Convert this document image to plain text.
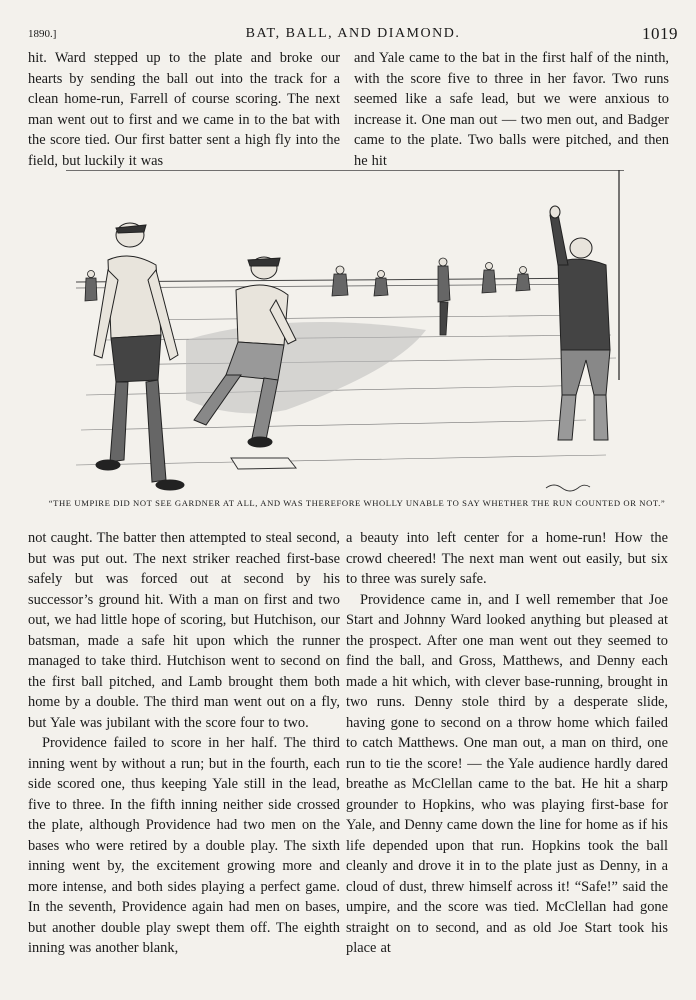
1890.]	BAT, BALL, AND DIAMOND.	1019

hit. Ward stepped up to the plate and broke our hearts by sending the ball out into the track for a clean home-run, Farrell of course scoring. The next man went out to first and we came in to the bat with the score tied. Our first batter sent a high fly into the field, but luckily it was

and Yale came to the bat in the first half of the ninth, with the score five to three in her favor. Two runs seemed like a safe lead, but we were anxious to increase it. One man out — two men out, and Badger came to the plate. Two balls were pitched, and then he hit

“THE UMPIRE DID NOT SEE GARDNER AT ALL, AND WAS THEREFORE WHOLLY UNABLE TO SAY WHETHER THE RUN COUNTED OR NOT.”

not caught. The batter then attempted to steal second, but was put out. The next striker reached first-base safely but was forced out at second by his successor’s ground hit. With a man on first and two out, we had little hope of scoring, but Hutchison, our batsman, made a safe hit upon which the runner managed to take third. Hutchison went to second on the first ball pitched, and Lamb brought them both home by a double. The third man went out on a fly, but Yale was jubilant with the score four to two.

Providence failed to score in her half. The third inning went by without a run; but in the fourth, each side scored one, thus keeping Yale still in the lead, five to three. In the fifth inning neither side crossed the plate, although Providence had two men on the bases who were retired by a double play. The sixth inning went by, the excitement growing more and more intense, and both sides playing a perfect game. In the seventh, Providence again had men on bases, but another double play swept them off. The eighth inning was another blank,

a beauty into left center for a home-run! How the crowd cheered! The next man went out easily, but six to three was surely safe.

Providence came in, and I well remember that Joe Start and Johnny Ward looked anything but pleased at the prospect. After one man went out they seemed to find the ball, and Gross, Matthews, and Denny each made a hit which, with clever base-running, brought in two runs. Denny stole third by a desperate slide, having gone to second on a throw home which failed to catch Matthews. One man out, a man on third, one run to tie the score! — the Yale audience hardly dared breathe as McClellan came to the bat. He hit a sharp grounder to Hopkins, who was playing first-base for Yale, and Denny came down the line for home as if his life depended upon that run. Hopkins took the ball cleanly and drove it in to the plate just as Denny, in a cloud of dust, threw himself across it! “Safe!” said the umpire, and the score was tied. McClellan had gone straight on to second, and as old Joe Start took his place at
